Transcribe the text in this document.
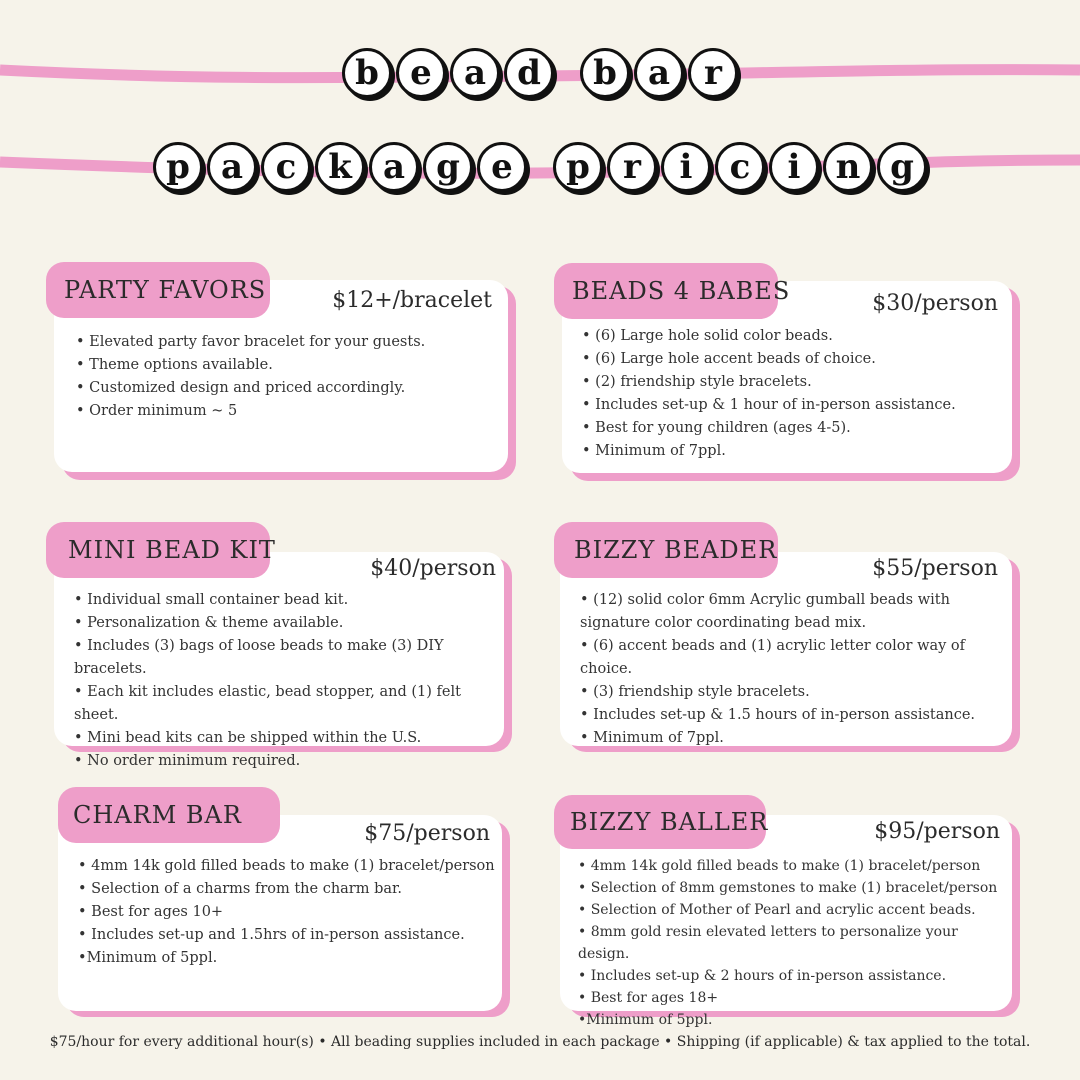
b e a d	b a	r
p a c k a g e	p r	i	c	i	n g
PARTY FAVORS	$12+/bracelet
• Elevated party favor bracelet for your guests.
• Theme options available.
• Customized design and priced accordingly.
• Order minimum ~ 5
BEADS 4 BABES	$30/person
• (6) Large hole solid color beads.
• (6) Large hole accent beads of choice.
• (2) friendship style bracelets.
• Includes set-up & 1 hour of in-person assistance.
• Best for young children (ages 4-5).
• Minimum of 7ppl.
MINI BEAD KIT
$40/person
• Individual small container bead kit.
• Personalization & theme available.
• Includes (3) bags of loose beads to make (3) DIY bracelets.
• Each kit includes elastic, bead stopper, and (1) felt sheet.
• Mini bead kits can be shipped within the U.S.
• No order minimum required.
BIZZY BEADER
$55/person
• (12) solid color 6mm Acrylic gumball beads with signature color coordinating bead mix.
• (6) accent beads and (1) acrylic letter color way of choice.
• (3) friendship style bracelets.
• Includes set-up & 1.5 hours of in-person assistance.
• Minimum of 7ppl.
CHARM BAR
$75/person
• 4mm 14k gold filled beads to make (1) bracelet/person
• Selection of a charms from the charm bar.
• Best for ages 10+
• Includes set-up and 1.5hrs of in-person assistance.
• Minimum of 5ppl.
BIZZY BALLER	$95/person
• 4mm 14k gold filled beads to make (1) bracelet/person
• Selection of 8mm gemstones to make (1) bracelet/person
• Selection of Mother of Pearl and acrylic accent beads.
• 8mm gold resin elevated letters to personalize your design.
• Includes set-up & 2 hours of in-person assistance.
• Best for ages 18+
• Minimum of 5ppl.
$75/hour for every additional hour(s) • All beading supplies included in each package • Shipping (if applicable) & tax applied to the total.
